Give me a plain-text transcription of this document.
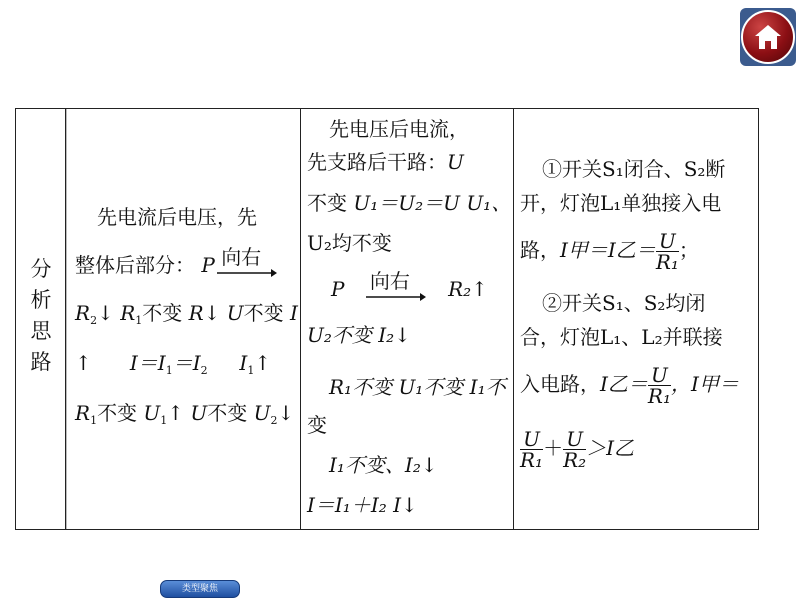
分
析
思
路
先电流后电压，先
整体后部分： P 向右
$R_2↓$ $R_1$不变 R↓ U不变 I
↑      $I=I_1=I_2$ $I_1↑$
$R_1$不变 $U_1↑$ U不变 $U_2↓$
先电压后电流，
先支路后干路：U
不变 U₁＝U₂＝U U₁、
U₂均不变
P 向右 R₂↑
U₂不变 I₂↓
R₁不变 U₁不变 I₁不
变
I₁不变、I₂↓
I＝I₁＋I₂ I↓
①开关S₁闭合、S₂断
开，灯泡L₁单独接入电
路，I甲＝I乙＝ $\frac{U}{\text{R₁}}$ ；
②开关S₁、S₂均闭
合，灯泡L₁、L₂并联接
入电路，I乙＝ $\frac{U}{\text{R₁}}$ ，I甲＝
$\frac{U}{\text{R₁}} + \frac{U}{\text{R₂}} >I$乙
类型聚焦
